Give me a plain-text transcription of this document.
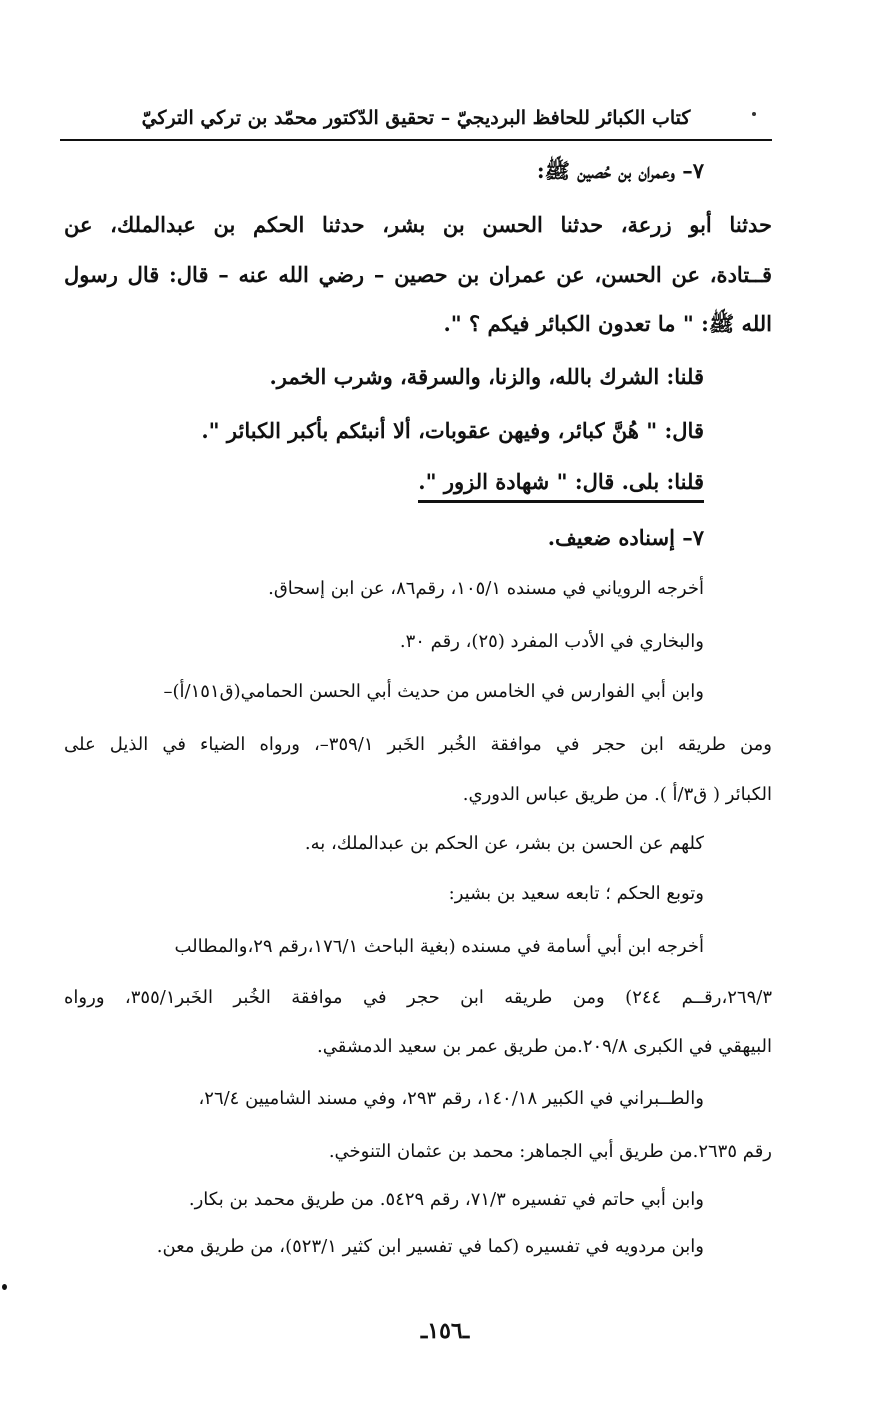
كتاب الكبائر للحافظ البرديجيّ – تحقيق الدّكتور محمّد بن تركي التركيّ
٧– وعمران بن حُصين ﷺ:
حدثنا أبو زرعة، حدثنا الحسن بن بشر، حدثنا الحكم بن عبدالملك، عن
قــتادة، عن الحسن، عن عمران بن حصين – رضي الله عنه – قال: قال رسول
الله ﷺ: " ما تعدون الكبائر فيكم ؟ ".
قلنا: الشرك بالله، والزنا، والسرقة، وشرب الخمر.
قال: " هُنَّ كبائر، وفيهن عقوبات، ألا أنبئكم بأكبر الكبائر ".
قلنا: بلى. قال: " شهادة الزور ".
٧– إسناده ضعيف.
أخرجه الروياني في مسنده ١٠٥/١، رقم٨٦، عن ابن إسحاق.
والبخاري في الأدب المفرد (٢٥)، رقم ٣٠.
وابن أبي الفوارس في الخامس من حديث أبي الحسن الحمامي(ق١٥١/أ)–
ومن طريقه ابن حجر في موافقة الخُبر الخَبر ٣٥٩/١–، ورواه الضياء في الذيل على
الكبائر ( ق٣/أ ). من طريق عباس الدوري.
كلهم عن الحسن بن بشر، عن الحكم بن عبدالملك، به.
وتوبع الحكم ؛ تابعه سعيد بن بشير:
أخرجه ابن أبي أسامة في مسنده (بغية الباحث ١٧٦/١،رقم ٢٩،والمطالب
٢٦٩/٣،رقــم ٢٤٤) ومن طريقه ابن حجر في موافقة الخُبر الخَبر٣٥٥/١، ورواه
البيهقي في الكبرى ٢٠٩/٨.من طريق عمر بن سعيد الدمشقي.
والطــبراني في الكبير ١٤٠/١٨، رقم ٢٩٣، وفي مسند الشاميين ٢٦/٤،
رقم ٢٦٣٥.من طريق أبي الجماهر: محمد بن عثمان التنوخي.
وابن أبي حاتم في تفسيره ٧١/٣، رقم ٥٤٢٩. من طريق محمد بن بكار.
وابن مردويه في تفسيره (كما في تفسير ابن كثير ٥٢٣/١)، من طريق معن.
ـ١٥٦ـ
